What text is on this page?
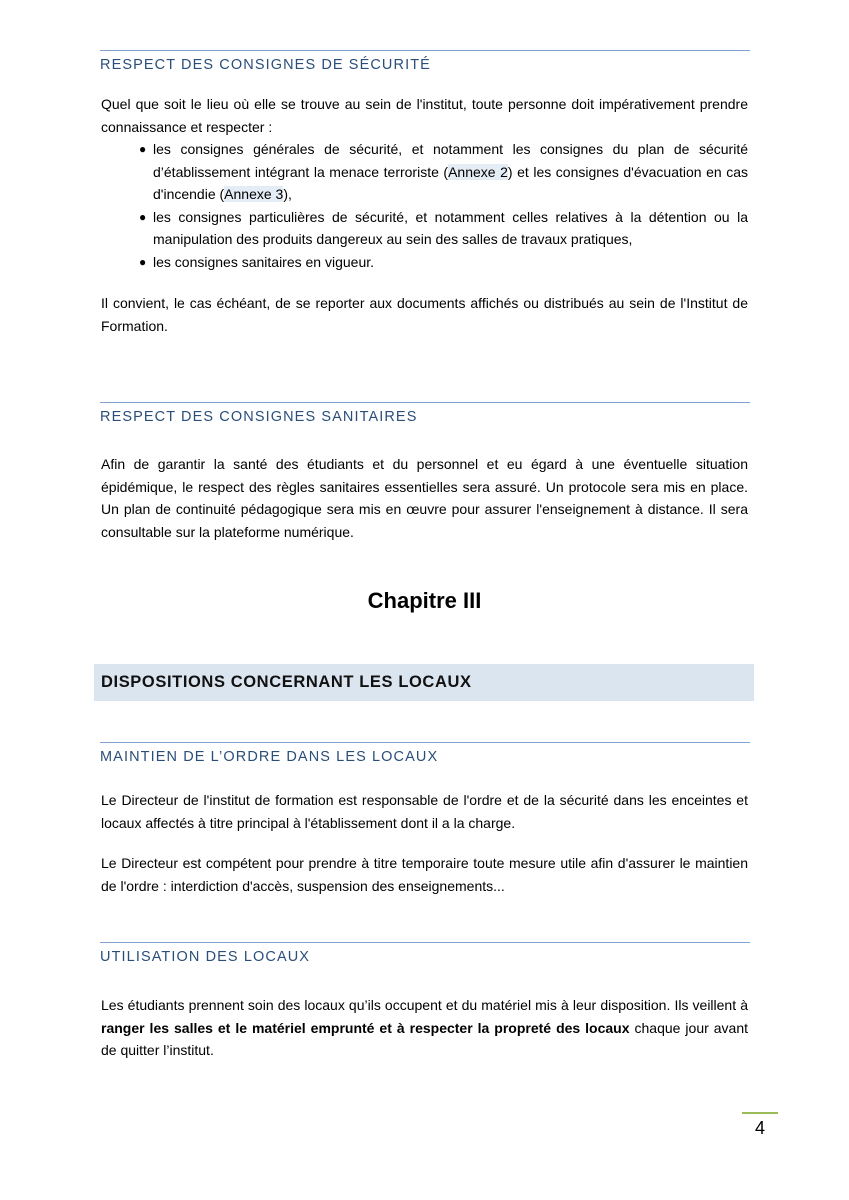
RESPECT DES CONSIGNES DE SÉCURITÉ

Quel que soit le lieu où elle se trouve au sein de l'institut, toute personne doit impérativement prendre connaissance et respecter :

● les consignes générales de sécurité, et notamment les consignes du plan de sécurité d’établissement intégrant la menace terroriste (Annexe 2) et les consignes d'évacuation en cas d'incendie (Annexe 3),
● les consignes particulières de sécurité, et notamment celles relatives à la détention ou la manipulation des produits dangereux au sein des salles de travaux pratiques,
● les consignes sanitaires en vigueur.

Il convient, le cas échéant, de se reporter aux documents affichés ou distribués au sein de l'Institut de Formation.

RESPECT DES CONSIGNES SANITAIRES

Afin de garantir la santé des étudiants et du personnel et eu égard à une éventuelle situation épidémique, le respect des règles sanitaires essentielles sera assuré. Un protocole sera mis en place. Un plan de continuité pédagogique sera mis en œuvre pour assurer l'enseignement à distance. Il sera consultable sur la plateforme numérique.

Chapitre III
DISPOSITIONS CONCERNANT LES LOCAUX
MAINTIEN DE L’ORDRE DANS LES LOCAUX

Le Directeur de l'institut de formation est responsable de l'ordre et de la sécurité dans les enceintes et locaux affectés à titre principal à l'établissement dont il a la charge.

Le Directeur est compétent pour prendre à titre temporaire toute mesure utile afin d'assurer le maintien de l'ordre : interdiction d'accès, suspension des enseignements...

UTILISATION DES LOCAUX

Les étudiants prennent soin des locaux qu’ils occupent et du matériel mis à leur disposition. Ils veillent à ranger les salles et le matériel emprunté et à respecter la propreté des locaux chaque jour avant de quitter l’institut.

4
